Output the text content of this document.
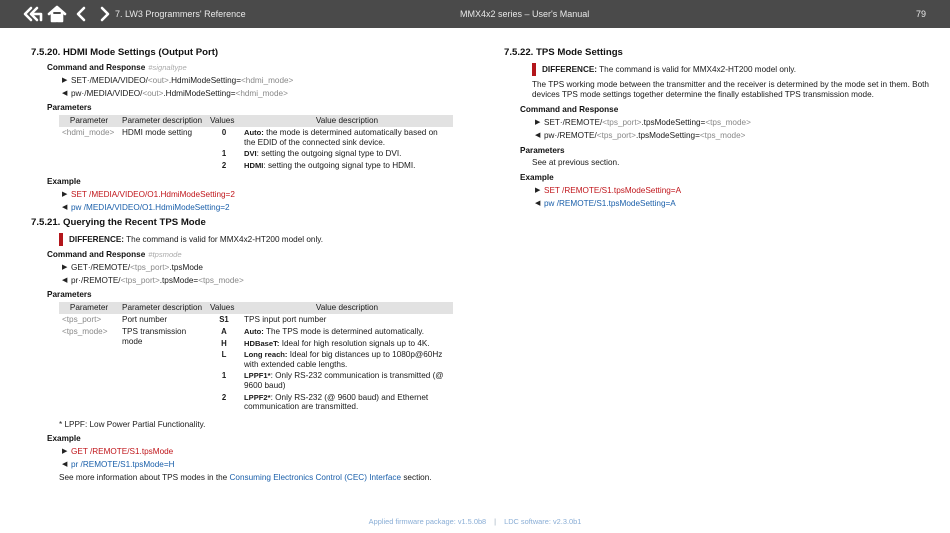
7. LW3 Programmers' Reference	MMX4x2 series – User's Manual	79
7.5.20. HDMI Mode Settings (Output Port)
Command and Response #signaltype
▶ SET·/MEDIA/VIDEO/<out>.HdmiModeSetting=<hdmi_mode>
◀ pw·/MEDIA/VIDEO/<out>.HdmiModeSetting=<hdmi_mode>
Parameters
Parameter	Parameter description	Values	Value description
<hdmi_mode>	HDMI mode setting	0	Auto: the mode is determined automatically based on the EDID of the connected sink device.
		1	DVI: setting the outgoing signal type to DVI.
		2	HDMI: setting the outgoing signal type to HDMI.
Example
▶ SET /MEDIA/VIDEO/O1.HdmiModeSetting=2
◀ pw /MEDIA/VIDEO/O1.HdmiModeSetting=2
7.5.21. Querying the Recent TPS Mode
DIFFERENCE: The command is valid for MMX4x2-HT200 model only.
Command and Response #tpsmode
▶ GET·/REMOTE/<tps_port>.tpsMode
◀ pr·/REMOTE/<tps_port>.tpsMode=<tps_mode>
Parameters
Parameter	Parameter description	Values	Value description
<tps_port>	Port number	S1	TPS input port number
<tps_mode>	TPS transmission mode	A	Auto: The TPS mode is determined automatically.
		H	HDBaseT: Ideal for high resolution signals up to 4K.
		L	Long reach: Ideal for big distances up to 1080p@60Hz with extended cable lengths.
		1	LPPF1*: Only RS-232 communication is transmitted (@ 9600 baud)
		2	LPPF2*: Only RS-232 (@ 9600 baud) and Ethernet communication are transmitted.
* LPPF: Low Power Partial Functionality.
Example
▶ GET /REMOTE/S1.tpsMode
◀ pr /REMOTE/S1.tpsMode=H
See more information about TPS modes in the Consuming Electronics Control (CEC) Interface section.
7.5.22. TPS Mode Settings
DIFFERENCE: The command is valid for MMX4x2-HT200 model only.
The TPS working mode between the transmitter and the receiver is determined by the mode set in them. Both devices TPS mode settings together determine the finally established TPS transmission mode.
Command and Response
▶ SET·/REMOTE/<tps_port>.tpsModeSetting=<tps_mode>
◀ pw·/REMOTE/<tps_port>.tpsModeSetting=<tps_mode>
Parameters
See at previous section.
Example
▶ SET /REMOTE/S1.tpsModeSetting=A
◀ pw /REMOTE/S1.tpsModeSetting=A
Applied firmware package: v1.5.0b8 | LDC software: v2.3.0b1
